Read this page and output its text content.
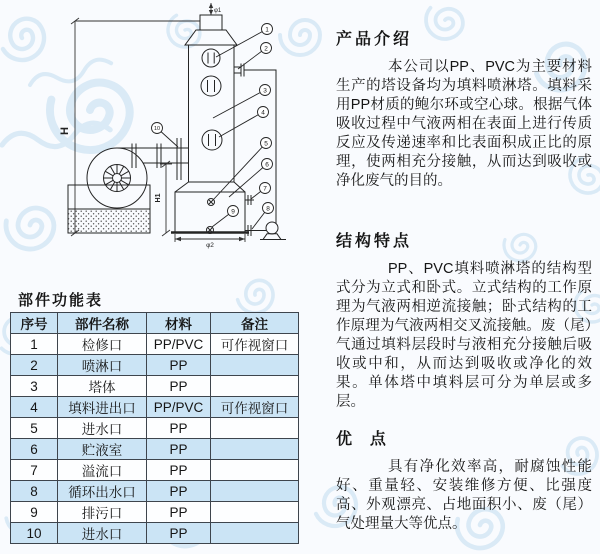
H
φ1
H1
φ2
1
2
3
4
5
6
7
8
9
10
部件功能表
序号	部件名称	材料	备注
1	检修口	PP/PVC	可作视窗口
2	喷淋口	PP	
3	塔体	PP	
4	填料进出口	PP/PVC	可作视窗口
5	进水口	PP	
6	贮液室	PP	
7	溢流口	PP	
8	循环出水口	PP	
9	排污口	PP	
10	进水口	PP	
产品介绍

本公司以PP、PVC为主要材料生产的塔设备均为填料喷淋塔。填料采用PP材质的鲍尔环或空心球。根据气体吸收过程中气液两相在表面上进行传质反应及传递速率和比表面积成正比的原理，使两相充分接触，从而达到吸收或净化废气的目的。

结构特点

PP、PVC填料喷淋塔的结构型式分为立式和卧式。立式结构的工作原理为气液两相逆流接触；卧式结构的工作原理为气液两相交叉流接触。废（尾）气通过填料层段时与液相充分接触后吸收或中和，从而达到吸收或净化的效果。单体塔中填料层可分为单层或多层。

优  点

具有净化效率高，耐腐蚀性能好、重量轻、安装维修方便、比强度高、外观漂亮、占地面积小、废（尾）气处理量大等优点。
